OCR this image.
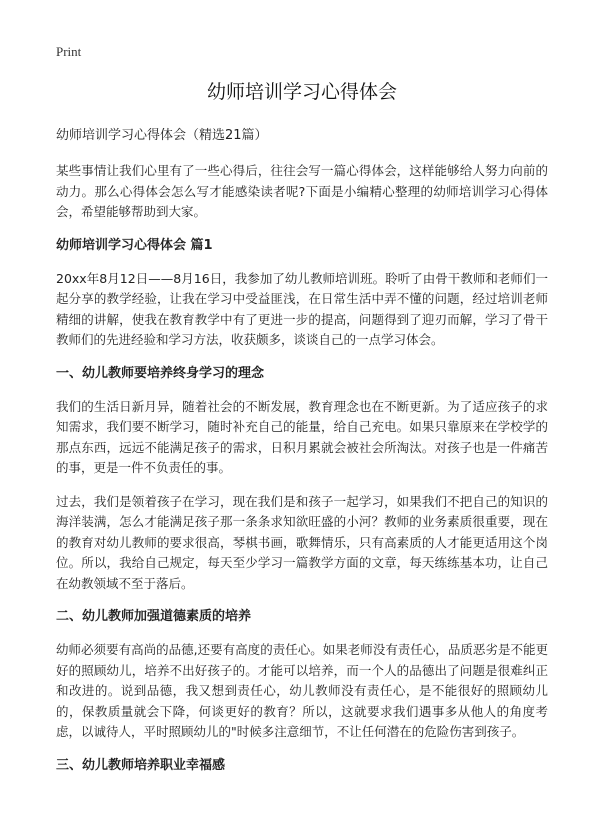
Print
幼师培训学习心得体会

幼师培训学习心得体会（精选21篇）

某些事情让我们心里有了一些心得后，往往会写一篇心得体会，这样能够给人努力向前的动力。那么心得体会怎么写才能感染读者呢?下面是小编精心整理的幼师培训学习心得体会，希望能够帮助到大家。

幼师培训学习心得体会 篇1

20xx年8月12日——8月16日，我参加了幼儿教师培训班。聆听了由骨干教师和老师们一起分享的教学经验，让我在学习中受益匪浅，在日常生活中弄不懂的问题，经过培训老师精细的讲解，使我在教育教学中有了更进一步的提高，问题得到了迎刃而解，学习了骨干教师们的先进经验和学习方法，收获颇多，谈谈自己的一点学习体会。

一、幼儿教师要培养终身学习的理念

我们的生活日新月异，随着社会的不断发展，教育理念也在不断更新。为了适应孩子的求知需求，我们要不断学习，随时补充自己的能量，给自己充电。如果只靠原来在学校学的那点东西，远远不能满足孩子的需求，日积月累就会被社会所淘汰。对孩子也是一件痛苦的事，更是一件不负责任的事。

过去，我们是领着孩子在学习，现在我们是和孩子一起学习，如果我们不把自己的知识的海洋装满，怎么才能满足孩子那一条条求知欲旺盛的小河？教师的业务素质很重要，现在的教育对幼儿教师的要求很高，琴棋书画，歌舞情乐，只有高素质的人才能更适用这个岗位。所以，我给自己规定，每天至少学习一篇教学方面的文章，每天练练基本功，让自己在幼教领域不至于落后。

二、幼儿教师加强道德素质的培养

幼师必须要有高尚的品德,还要有高度的责任心。如果老师没有责任心，品质恶劣是不能更好的照顾幼儿，培养不出好孩子的。才能可以培养，而一个人的品德出了问题是很难纠正和改进的。说到品德，我又想到责任心，幼儿教师没有责任心，是不能很好的照顾幼儿的，保教质量就会下降，何谈更好的教育？所以，这就要求我们遇事多从他人的角度考虑，以诚待人，平时照顾幼儿的"时候多注意细节，不让任何潜在的危险伤害到孩子。

三、幼儿教师培养职业幸福感
